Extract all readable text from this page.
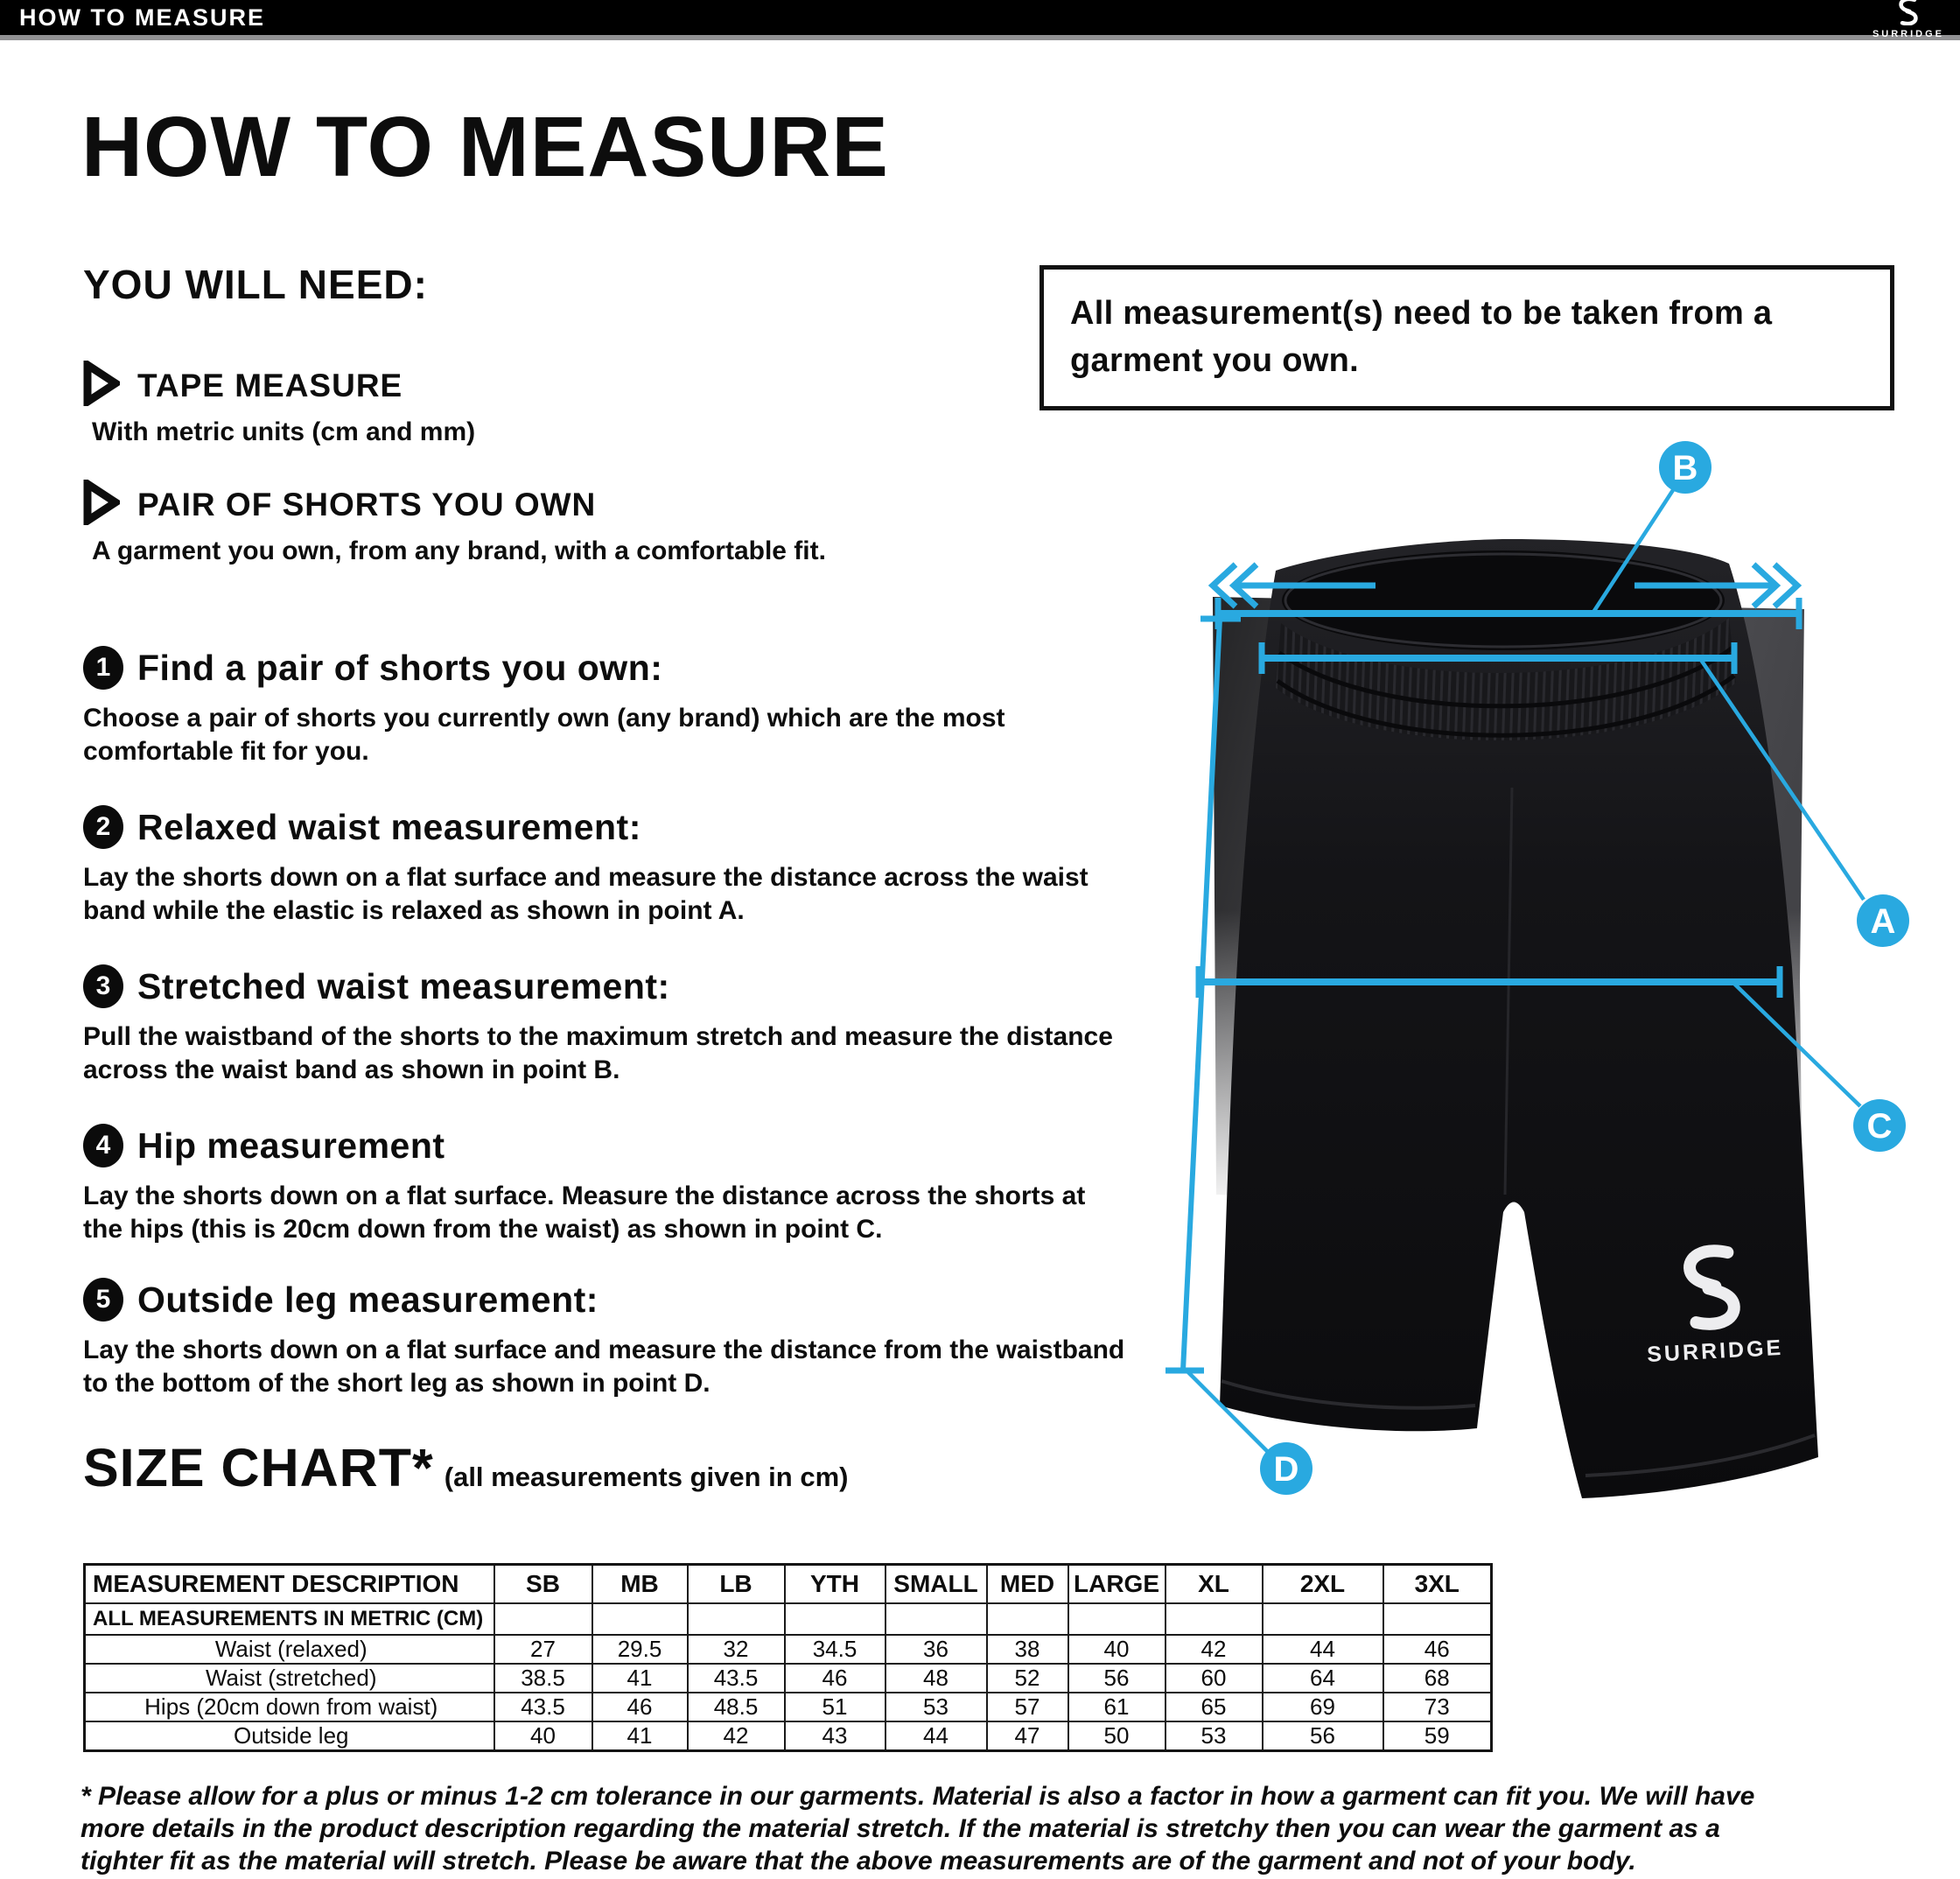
HOW TO MEASURE
SURRIDGE
HOW TO MEASURE
YOU WILL NEED:
TAPE MEASURE
With metric units (cm and mm)
PAIR OF SHORTS YOU OWN
A garment you own, from any brand, with a comfortable fit.
1 Find a pair of shorts you own:
Choose a pair of shorts you currently own (any brand) which are the most comfortable fit for you.
2 Relaxed waist measurement:
Lay the shorts down on a flat surface and measure the distance across the waist band while the elastic is relaxed as shown in point A.
3 Stretched waist measurement:
Pull the waistband of the shorts to the maximum stretch and measure the distance across the waist band as shown in point B.
4 Hip measurement
Lay the shorts down on a flat surface. Measure the distance across the shorts at the hips (this is 20cm down from the waist) as shown in point C.
5 Outside leg measurement:
Lay the shorts down on a flat surface and measure the distance from the waistband to the bottom of the short leg as shown in point D.
All measurement(s) need to be taken from a garment you own.
SURRIDGE
B
A
C
D
SIZE CHART* (all measurements given in cm)
MEASUREMENT DESCRIPTION	SB	MB	LB	YTH	SMALL	MED	LARGE	XL	2XL	3XL
ALL MEASUREMENTS IN METRIC (CM)										
Waist (relaxed)	27	29.5	32	34.5	36	38	40	42	44	46
Waist (stretched)	38.5	41	43.5	46	48	52	56	60	64	68
Hips (20cm down from waist)	43.5	46	48.5	51	53	57	61	65	69	73
Outside leg	40	41	42	43	44	47	50	53	56	59
* Please allow for a plus or minus 1-2 cm tolerance in our garments. Material is also a factor in how a garment can fit you. We will have
more details in the product description regarding the material stretch. If the material is stretchy then you can wear the garment as a
tighter fit as the material will stretch. Please be aware that the above measurements are of the garment and not of your body.
